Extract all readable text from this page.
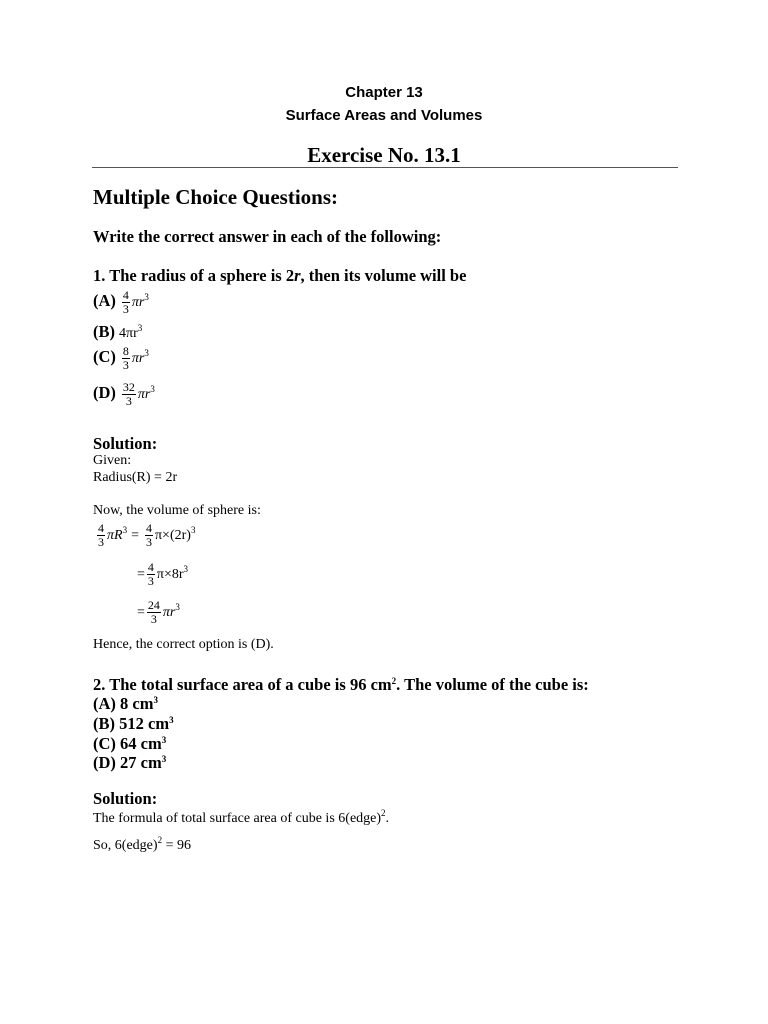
Chapter 13
Surface Areas and Volumes
Exercise No. 13.1
Multiple Choice Questions:
Write the correct answer in each of the following:
1. The radius of a sphere is 2r, then its volume will be
$(A) \frac{4}{3} \pi r^3$
(B) $4\pi r^3$
$(C) \frac{8}{3} \pi r^3$
$(D) \frac{32}{3} \pi r^3$
Solution:
Given:
Radius(R) = 2r
Now, the volume of sphere is:
$\frac{4}{3} \pi R^3 = \frac{4}{3} \pi\times(2r)^3$
= $\frac{4}{3} \pi\times 8r^3$
= $\frac{24}{3} \pi r^3$
Hence, the correct option is (D).
2. The total surface area of a cube is 96 $cm^2$. The volume of the cube is:
(A) 8 $cm^3$
(B) 512 $cm^3$
(C) 64 $cm^3$
(D) 27 $cm^3$
Solution:
The formula of total surface area of cube is 6(edge)$^2$.
So, 6(edge)$^2$ = 96
